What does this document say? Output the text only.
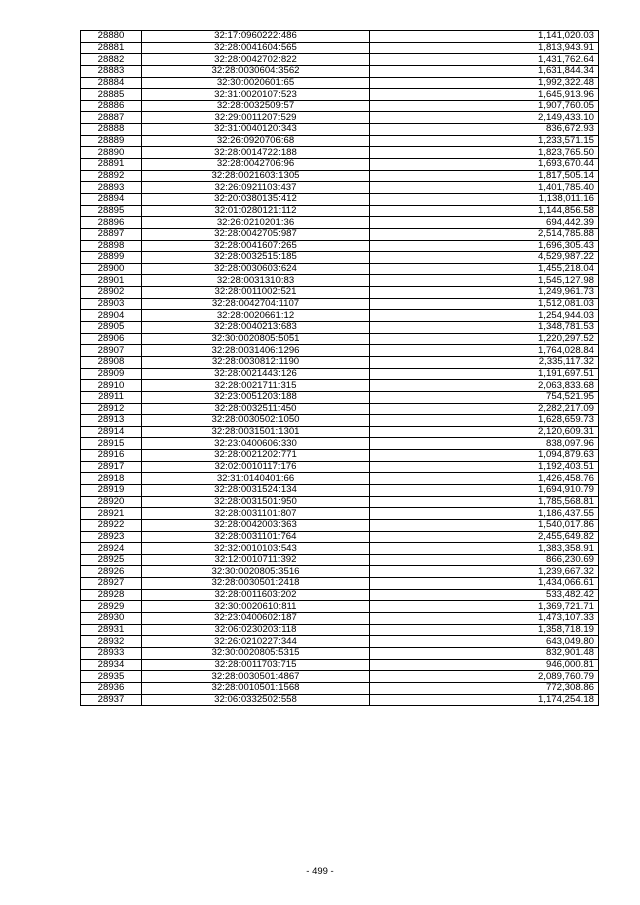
28880	32:17:0960222:486	1,141,020.03
28881	32:28:0041604:565	1,813,943.91
28882	32:28:0042702:822	1,431,762.64
28883	32:28:0030604:3562	1,631,844.34
28884	32:30:0020601:65	1,992,322.48
28885	32:31:0020107:523	1,645,913.96
28886	32:28:0032509:57	1,907,760.05
28887	32:29:0011207:529	2,149,433.10
28888	32:31:0040120:343	836,672.93
28889	32:26:0920706:68	1,233,571.15
28890	32:28:0014722:188	1,823,765.50
28891	32:28:0042706:96	1,693,670.44
28892	32:28:0021603:1305	1,817,505.14
28893	32:26:0921103:437	1,401,785.40
28894	32:20:0380135:412	1,138,011.16
28895	32:01:0280121:112	1,144,856.58
28896	32:26:0210201:36	694,442.39
28897	32:28:0042705:987	2,514,785.88
28898	32:28:0041607:265	1,696,305.43
28899	32:28:0032515:185	4,529,987.22
28900	32:28:0030603:624	1,455,218.04
28901	32:28:0031310:83	1,545,127.98
28902	32:28:0011002:521	1,249,961.73
28903	32:28:0042704:1107	1,512,081.03
28904	32:28:0020661:12	1,254,944.03
28905	32:28:0040213:683	1,348,781.53
28906	32:30:0020805:5051	1,220,297.52
28907	32:28:0031406:1296	1,764,028.84
28908	32:28:0030812:1190	2,335,117.32
28909	32:28:0021443:126	1,191,697.51
28910	32:28:0021711:315	2,063,833.68
28911	32:23:0051203:188	754,521.95
28912	32:28:0032511:450	2,282,217.09
28913	32:28:0030502:1050	1,628,659.73
28914	32:28:0031501:1301	2,120,609.31
28915	32:23:0400606:330	838,097.96
28916	32:28:0021202:771	1,094,879.63
28917	32:02:0010117:176	1,192,403.51
28918	32:31:0140401:66	1,426,458.76
28919	32:28:0031524:134	1,694,910.79
28920	32:28:0031501:950	1,785,568.81
28921	32:28:0031101:807	1,186,437.55
28922	32:28:0042003:363	1,540,017.86
28923	32:28:0031101:764	2,455,649.82
28924	32:32:0010103:543	1,383,358.91
28925	32:12:0010711:392	866,230.69
28926	32:30:0020805:3516	1,239,667.32
28927	32:28:0030501:2418	1,434,066.61
28928	32:28:0011603:202	533,482.42
28929	32:30:0020610:811	1,369,721.71
28930	32:23:0400602:187	1,473,107.33
28931	32:06:0230203:118	1,358,718.19
28932	32:26:0210227:344	643,049.80
28933	32:30:0020805:5315	832,901.48
28934	32:28:0011703:715	946,000.81
28935	32:28:0030501:4867	2,089,760.79
28936	32:28:0010501:1568	772,308.86
28937	32:06:0332502:558	1,174,254.18
- 499 -
